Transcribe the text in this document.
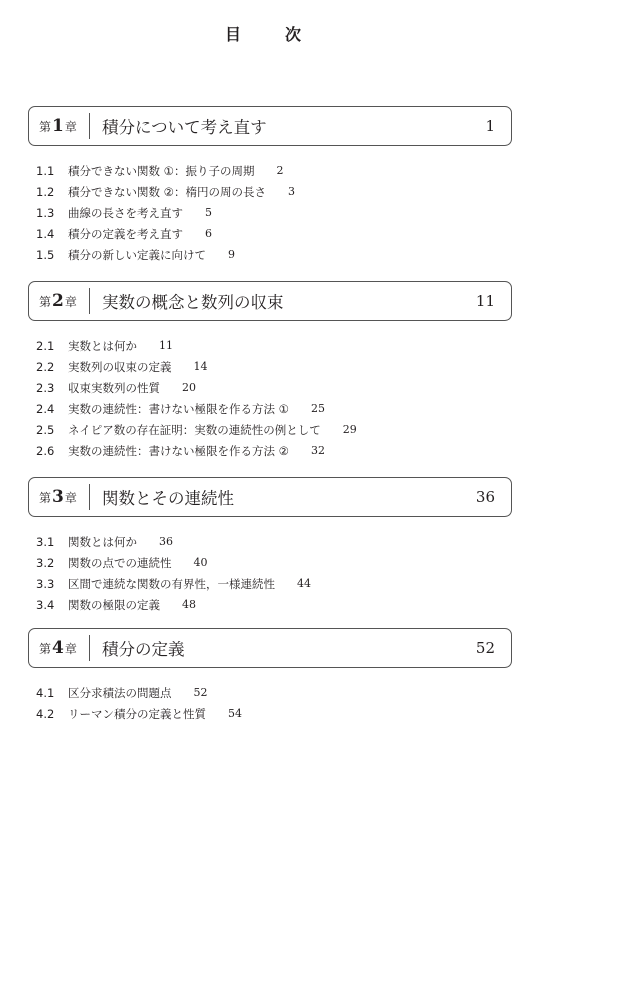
目　次
第1章	積分について考え直す	1
1.1	積分できない関数 ①：振り子の周期 2
1.2	積分できない関数 ②：楕円の周の長さ 3
1.3	曲線の長さを考え直す 5
1.4	積分の定義を考え直す 6
1.5	積分の新しい定義に向けて 9
第2章	実数の概念と数列の収束	11
2.1	実数とは何か 11
2.2	実数列の収束の定義 14
2.3	収束実数列の性質 20
2.4	実数の連続性：書けない極限を作る方法 ① 25
2.5	ネイピア数の存在証明：実数の連続性の例として 29
2.6	実数の連続性：書けない極限を作る方法 ② 32
第3章	関数とその連続性	36
3.1	関数とは何か 36
3.2	関数の点での連続性 40
3.3	区間で連続な関数の有界性，一様連続性 44
3.4	関数の極限の定義 48
第4章	積分の定義	52
4.1	区分求積法の問題点 52
4.2	リーマン積分の定義と性質 54
